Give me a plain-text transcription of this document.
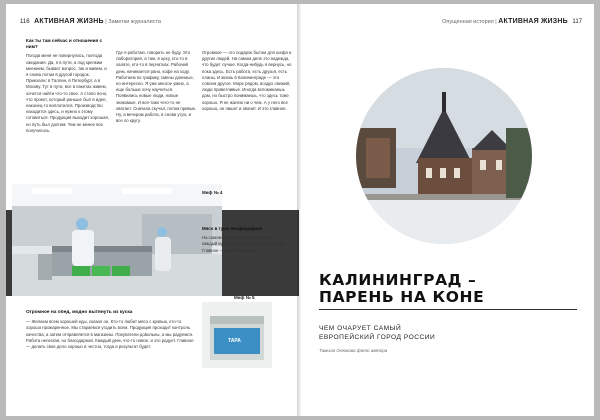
116 АКТИВНАЯ ЖИЗНЬ | Заметки журналиста
Как ты там сейчас и отношения с ним?

Погода меня не повернулась, полгода ожидания. Да, я в пути, а под крепким мнением, бывает вопрос, так и живем, и я снова потом в другой городок. Приехали: в Таллин, в Петербург, а в Москву. Тут в пути, все в пакетах живем, хочется найти что-то свое. А стало ясно, что проект, который раньше был в идее, наконец-то воплотился. Производство находится здесь, и нужно к этому готовиться. Продукция выходит хорошая, но путь был долгим. Тем не менее все получилось.

Где я работаю, говорить не буду. Это лаборатория, а там, в цеху, кто-то в халате, кто-то в перчатках. Рабочий день начинается рано, кофе на ходу. Работаем по графику, смены длинные, но интересно. Я уже многое умею, а еще больше хочу научиться. Появились новые люди, новые знакомые. И все-таки чего-то не хватает. Сначала скучал, потом привык. Ну, а вечером работа, и снова утро, и все по кругу.

Огромное — это подарок бытом для шефа и других людей. На самом деле это надежда, что будет лучше. Когда-нибудь я вернусь, но пока здесь. Есть работа, есть друзья, есть планы. И жизнь в Калининграде — это совсем другое. Море рядом, воздух свежий, люди приветливые. Иногда вспоминаешь дом, но быстро понимаешь, что здесь тоже хорошо. Я не жалею ни о чем. А у него все хорошо, он пишет и звонит. И это главное.

Миф № 4
Мясо в туше неоднородное

На самом деле мясо очень разное, и каждый кусок подходит для своего блюда. Главное — уметь выбирать.

Миф № 5
ТАРА
Огромное на обед, модно вытянуть из куска

— Желаем всем хорошей еды, сказал он. Кто-то любит мясо с кровью, кто-то хорошо прожаренное. Мы стараемся угодить всем. Продукция проходит контроль качества, а затем отправляется в магазины. Покупатели довольны, а мы радуемся. Работа нелегкая, но благодарная. Каждый день что-то новое, и это радует. Главное — делать свое дело хорошо и честно, тогда и результат будет.

Опущенная история | АКТИВНАЯ ЖИЗНЬ 117
КАЛИНИНГРАД –
ПАРЕНЬ НА КОНЕ
ЧЕМ ОЧАРУЕТ САМЫЙ
ЕВРОПЕЙСКИЙ ГОРОД РОССИИ
Тамила Олюкова фото автора
